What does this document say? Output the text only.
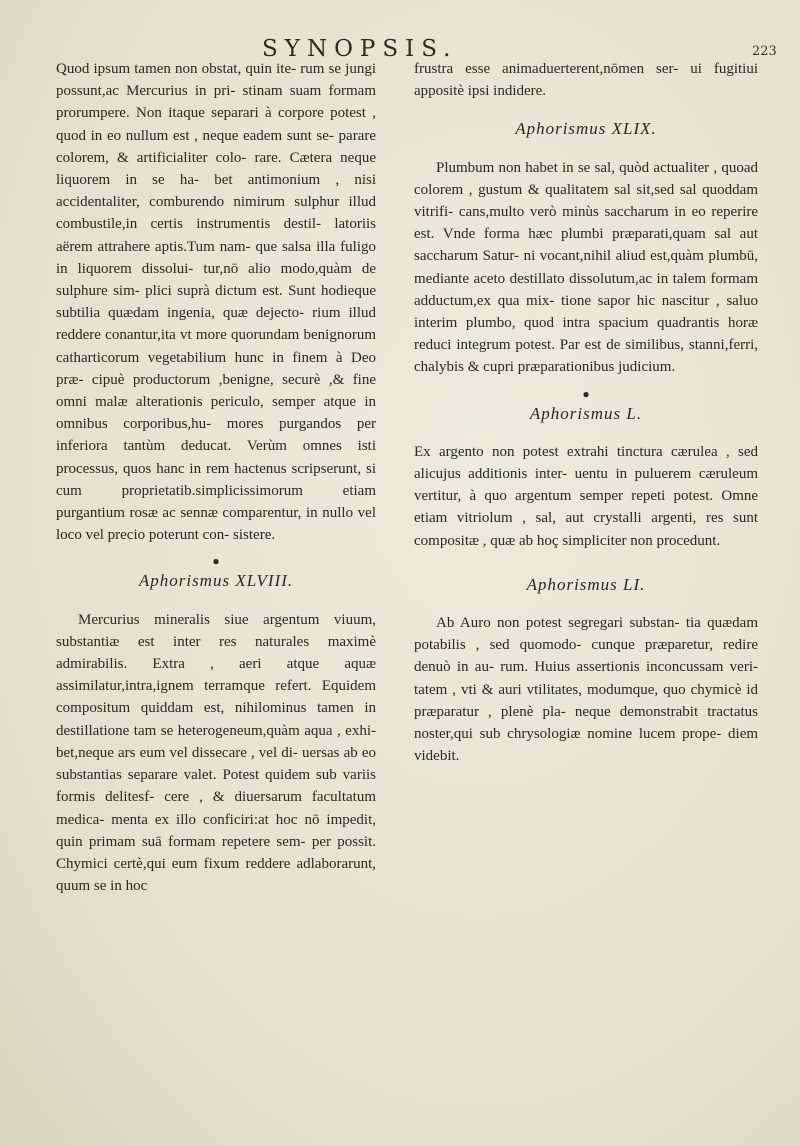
SYNOPSIS.	223

Quod ipsum tamen non obstat, quin ite- rum se jungi possunt,ac Mercurius in pri- stinam suam formam prorumpere. Non itaque separari à corpore potest , quod in eo nullum est , neque eadem sunt se- parare colorem, & artificialiter colo- rare. Cætera neque liquorem in se ha- bet antimonium , nisi accidentaliter, comburendo nimirum sulphur illud combustile,in certis instrumentis destil- latoriis aërem attrahere aptis.Tum nam- que salsa illa fuligo in liquorem dissolui- tur,nō alio modo,quàm de sulphure sim- plici suprà dictum est. Sunt hodieque subtilia quædam ingenia, quæ dejecto- rium illud reddere conantur,ita vt more quorundam benignorum catharticorum vegetabilium hunc in finem à Deo præ- cipuè productorum ,benigne, securè ,& fine omni malæ alterationis periculo, semper atque in omnibus corporibus,hu- mores purgandos per inferiora tantùm deducat. Verùm omnes isti processus, quos hanc in rem hactenus scripserunt, si cum proprietatib.simplicissimorum etiam purgantium rosæ ac sennæ comparentur, in nullo vel loco vel precio poterunt con- sistere.

●
Aphorismus XLVIII.

Mercurius mineralis siue argentum viuum, substantiæ est inter res naturales maximè admirabilis. Extra , aeri atque aquæ assimilatur,intra,ignem terramque refert. Equidem compositum quiddam est, nihilominus tamen in destillatione tam se heterogeneum,quàm aqua , exhi- bet,neque ars eum vel dissecare , vel di- uersas ab eo substantias separare valet. Potest quidem sub variis formis delitesf- cere , & diuersarum facultatum medica- menta ex illo conficiri:at hoc nō impedit, quin primam suā formam repetere sem- per possit. Chymici certè,qui eum fixum reddere adlaborarunt, quum se in hoc

frustra esse animaduerterent,nōmen ser- ui fugitiui appositè ipsi indidere.

Aphorismus XLIX.

Plumbum non habet in se sal, quòd actualiter , quoad colorem , gustum & qualitatem sal sit,sed sal quoddam vitrifi- cans,multo verò minùs saccharum in eo reperire est. Vnde forma hæc plumbi præparati,quam sal aut saccharum Satur- ni vocant,nihil aliud est,quàm plumbū, mediante aceto destillato dissolutum,ac in talem formam adductum,ex qua mix- tione sapor hic nascitur , saluo interim plumbo, quod intra spacium quadrantis horæ reduci integrum potest. Par est de similibus, stanni,ferri, chalybis & cupri præparationibus judicium.

●
Aphorismus L.

Ex argento non potest extrahi tinctura cærulea , sed alicujus additionis inter- uentu in puluerem cæruleum vertitur, à quo argentum semper repeti potest. Omne etiam vitriolum , sal, aut crystalli argenti, res sunt compositæ , quæ ab hoç simpliciter non procedunt.

Aphorismus LI.

Ab Auro non potest segregari substan- tia quædam potabilis , sed quomodo- cunque præparetur, redire denuò in au- rum. Huius assertionis inconcussam veri- tatem , vti & auri vtilitates, modumque, quo chymicè id præparatur , plenè pla- neque demonstrabit tractatus noster,qui sub chrysologiæ nomine lucem prope- diem videbit.
